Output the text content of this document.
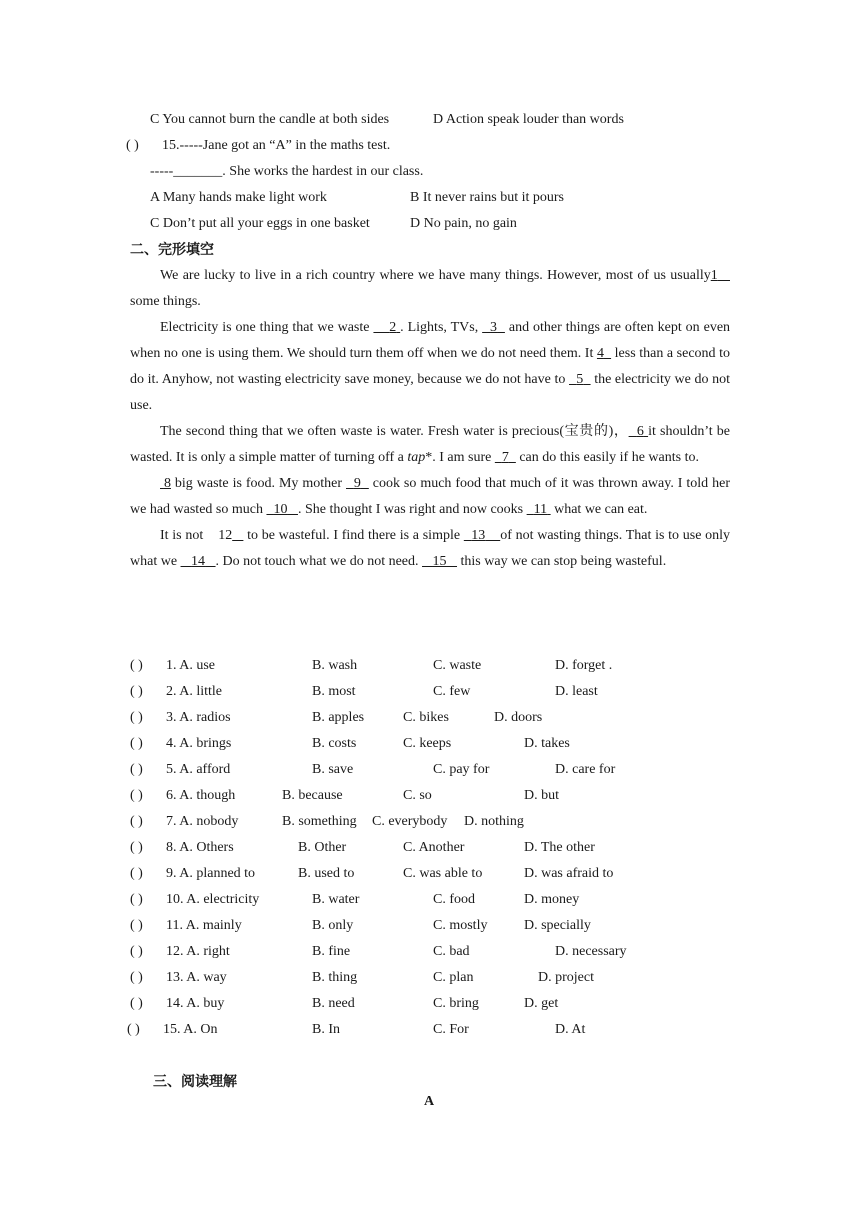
C You cannot burn the candle at both sides	D Action speak louder than words
( ) 15.-----Jane got an “A” in the maths test.
-----_______. She works the hardest in our class.
A Many hands make light work	B It never rains but it pours
C Don’t put all your eggs in one basket	D No pain, no gain
二、完形填空

We are lucky to live in a rich country where we have many things. However, most of us usually1    some things.

Electricity is one thing that we waste     2 . Lights, TVs,   3   and other things are often kept on even when no one is using them. We should turn them off when we do not need them. It 4   less than a second to do it. Anyhow, not wasting electricity save money, because we do not have to   5   the electricity we do not use.

The second thing that we often waste is water. Fresh water is precious(宝贵的)， 6 it shouldn’t be wasted. It is only a simple matter of turning off a tap*. I am sure   7   can do this easily if he wants to.

8 big waste is food. My mother   9   cook so much food that much of it was thrown away. I told her we had wasted so much   10 . She thought I was right and now cooks   11  what we can eat.

It is not    12    to be wasteful. I find there is a simple   13 of not wasting things. That is to use only what we    14 . Do not touch what we do not need.    15    this way we can stop being wasteful.

( ) 1. A. use	B. wash	C. waste	D. forget .
( ) 2. A. little	B. most	C. few	D. least
( ) 3. A. radios	B. apples	C. bikes	D. doors
( ) 4. A. brings	B. costs	C. keeps	D. takes
( ) 5. A. afford	B. save	C. pay for	D. care for
( ) 6. A. though	B. because	C. so	D. but
( ) 7. A. nobody	B. something C. everybody D. nothing
( ) 8. A. Others	B. Other	C. Another	D. The other
( ) 9. A. planned to	B. used to	C. was able to	D. was afraid to
( ) 10. A. electricity	B. water	C. food	D. money
( ) 11. A. mainly	B. only	C. mostly	D. specially
( ) 12. A. right	B. fine	C. bad	D. necessary
( ) 13. A. way	B. thing	C. plan	D. project
( ) 14. A. buy	B. need	C. bring	D. get
( ) 15. A. On	B. In	C. For	D. At
三、阅读理解
A
